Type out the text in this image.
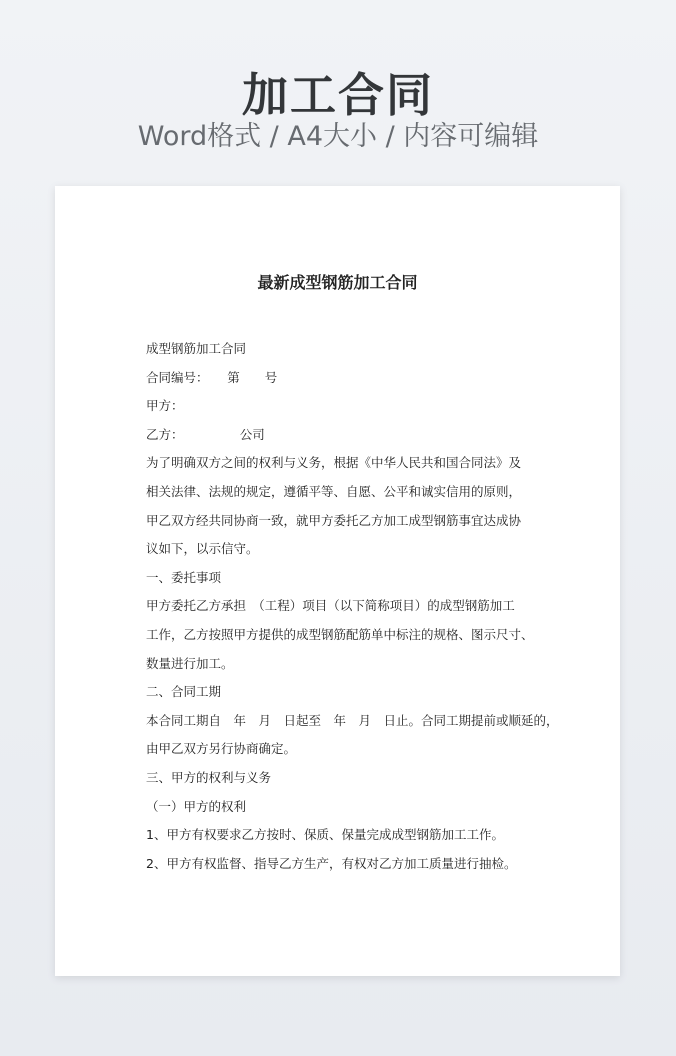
加工合同
Word格式 / A4大小 / 内容可编辑
最新成型钢筋加工合同
成型钢筋加工合同
合同编号：　　第　　号
甲方：
乙方：　　　　　公司
为了明确双方之间的权利与义务，根据《中华人民共和国合同法》及
相关法律、法规的规定，遵循平等、自愿、公平和诚实信用的原则，
甲乙双方经共同协商一致，就甲方委托乙方加工成型钢筋事宜达成协
议如下，以示信守。
一、委托事项
甲方委托乙方承担　（工程）项目（以下简称项目）的成型钢筋加工
工作，乙方按照甲方提供的成型钢筋配筋单中标注的规格、图示尺寸、
数量进行加工。
二、合同工期
本合同工期自　年　月　日起至　年　月　日止。合同工期提前或顺延的，
由甲乙双方另行协商确定。
三、甲方的权利与义务
（一）甲方的权利
1、甲方有权要求乙方按时、保质、保量完成成型钢筋加工工作。
2、甲方有权监督、指导乙方生产，有权对乙方加工质量进行抽检。
